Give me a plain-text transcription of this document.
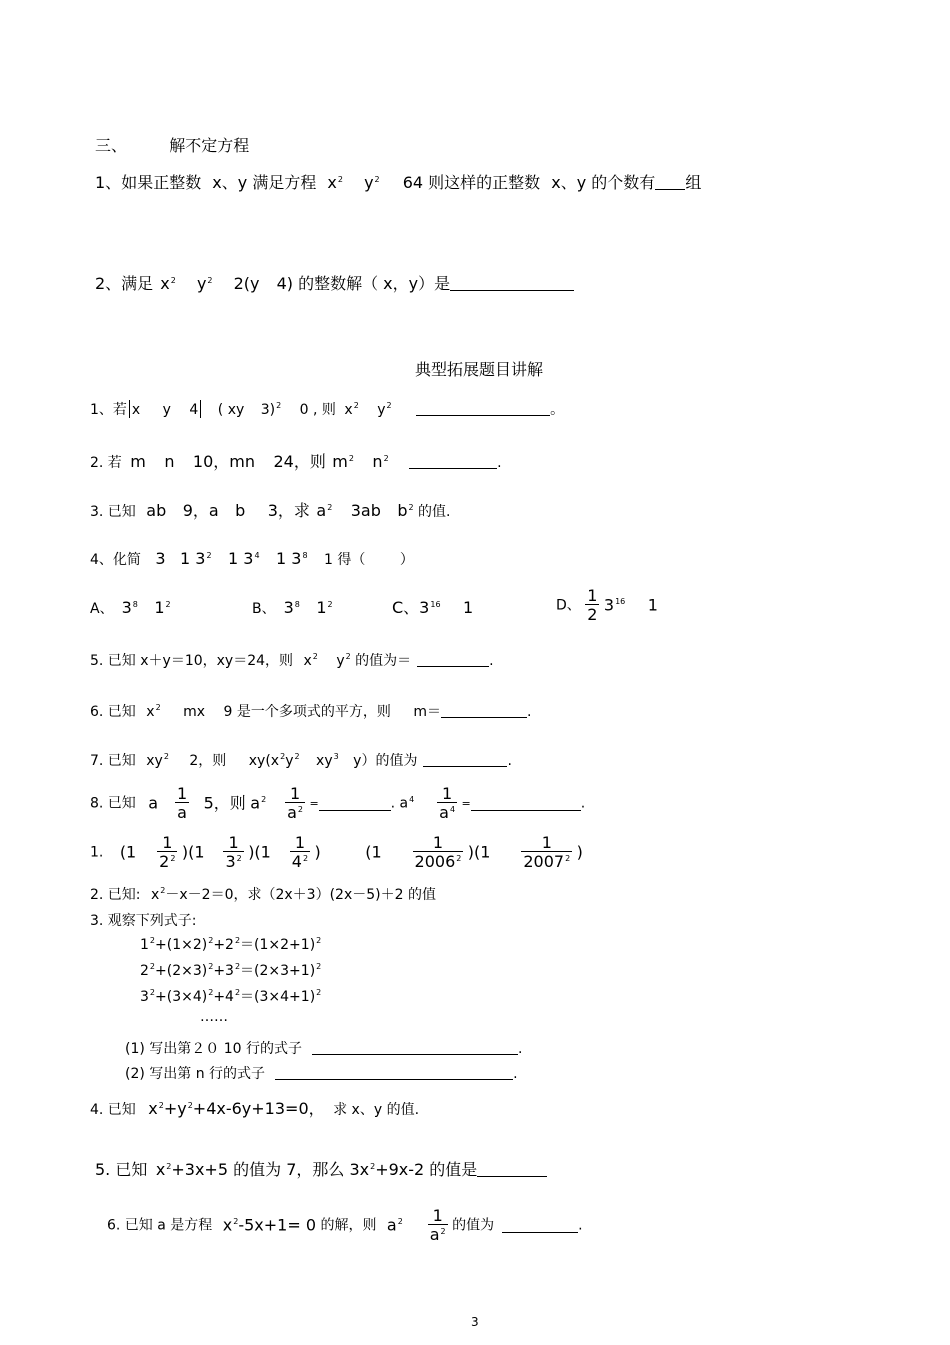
三、	解不定方程
1、如果正整数 x、y 满足方程 $x^2$ $y^2$ 64 则这样的正整数 x、y 的个数有 组
2、满足 $x^2$ $y^2$ 2(y 4) 的整数解（ x，y）是
典型拓展题目讲解
1、若 x y 4 ( xy 3)$^2$ 0 , 则 $x^2$ $y^2$	。
2. 若 m n 10，mn 24，则 $m^2$ $n^2$	.
3. 已知 ab 9，a b 3，求 $a^2$ 3ab $b^2$ 的值.
4、化简 3 1 $3^2$ 1 $3^4$ 1 $3^8$ 1 得（ ）
A、 $3^8$ $1^2$	B、 $3^8$ $1^2$	C、$3^{16}$ 1	D、 $\frac{1}{2} 3^{16}$ 1
5. 已知 x＋y＝10，xy＝24，则 $x^2$ $y^2$ 的值为＝	.
6. 已知 $x^2$ mx 9 是一个多项式的平方，则 m＝	.
7. 已知 $xy^2$ 2，则 $xy(x^2y^2$ $xy^3$ y）的值为	.
8. 已知 a $\frac{1}{a} 5$，则 $a^2 \frac{1}{a^2}$ =	. $a^4 \frac{1}{a^4}$ =	.
1. $(1 \frac{1}{2^2} )(1 \frac{1}{3^2} )(1 \frac{1}{4^2}$ )	$(1 \frac{1}{2006^2} )(1 \frac{1}{2007^2}$ )
2. 已知: $x^2-x-2=0$，求（2x＋3）(2x－5)＋2 的值
3. 观察下列式子:
$1^2+(1\times 2)^2+2^2=(1\times 2+1)^2$
$2^2+(2\times 3)^2+3^2=(2\times 3+1)^2$
$3^2+(3\times 4)^2+4^2=(3\times 4+1)^2$
……
(1) 写出第２０ 10 行的式子	.
(2) 写出第 n 行的式子	.
4. 已知 $x^2+y^2+4x-6y+13=0$， 求 x、y 的值.
5. 已知 $x^2+3x+5$ 的值为 7，那么 $3x^2+9x-2$ 的值是
6. 已知 a 是方程 $x^2-5x+1= 0$ 的解，则 $a^2 \frac{1}{a^2}$ 的值为	.
3
